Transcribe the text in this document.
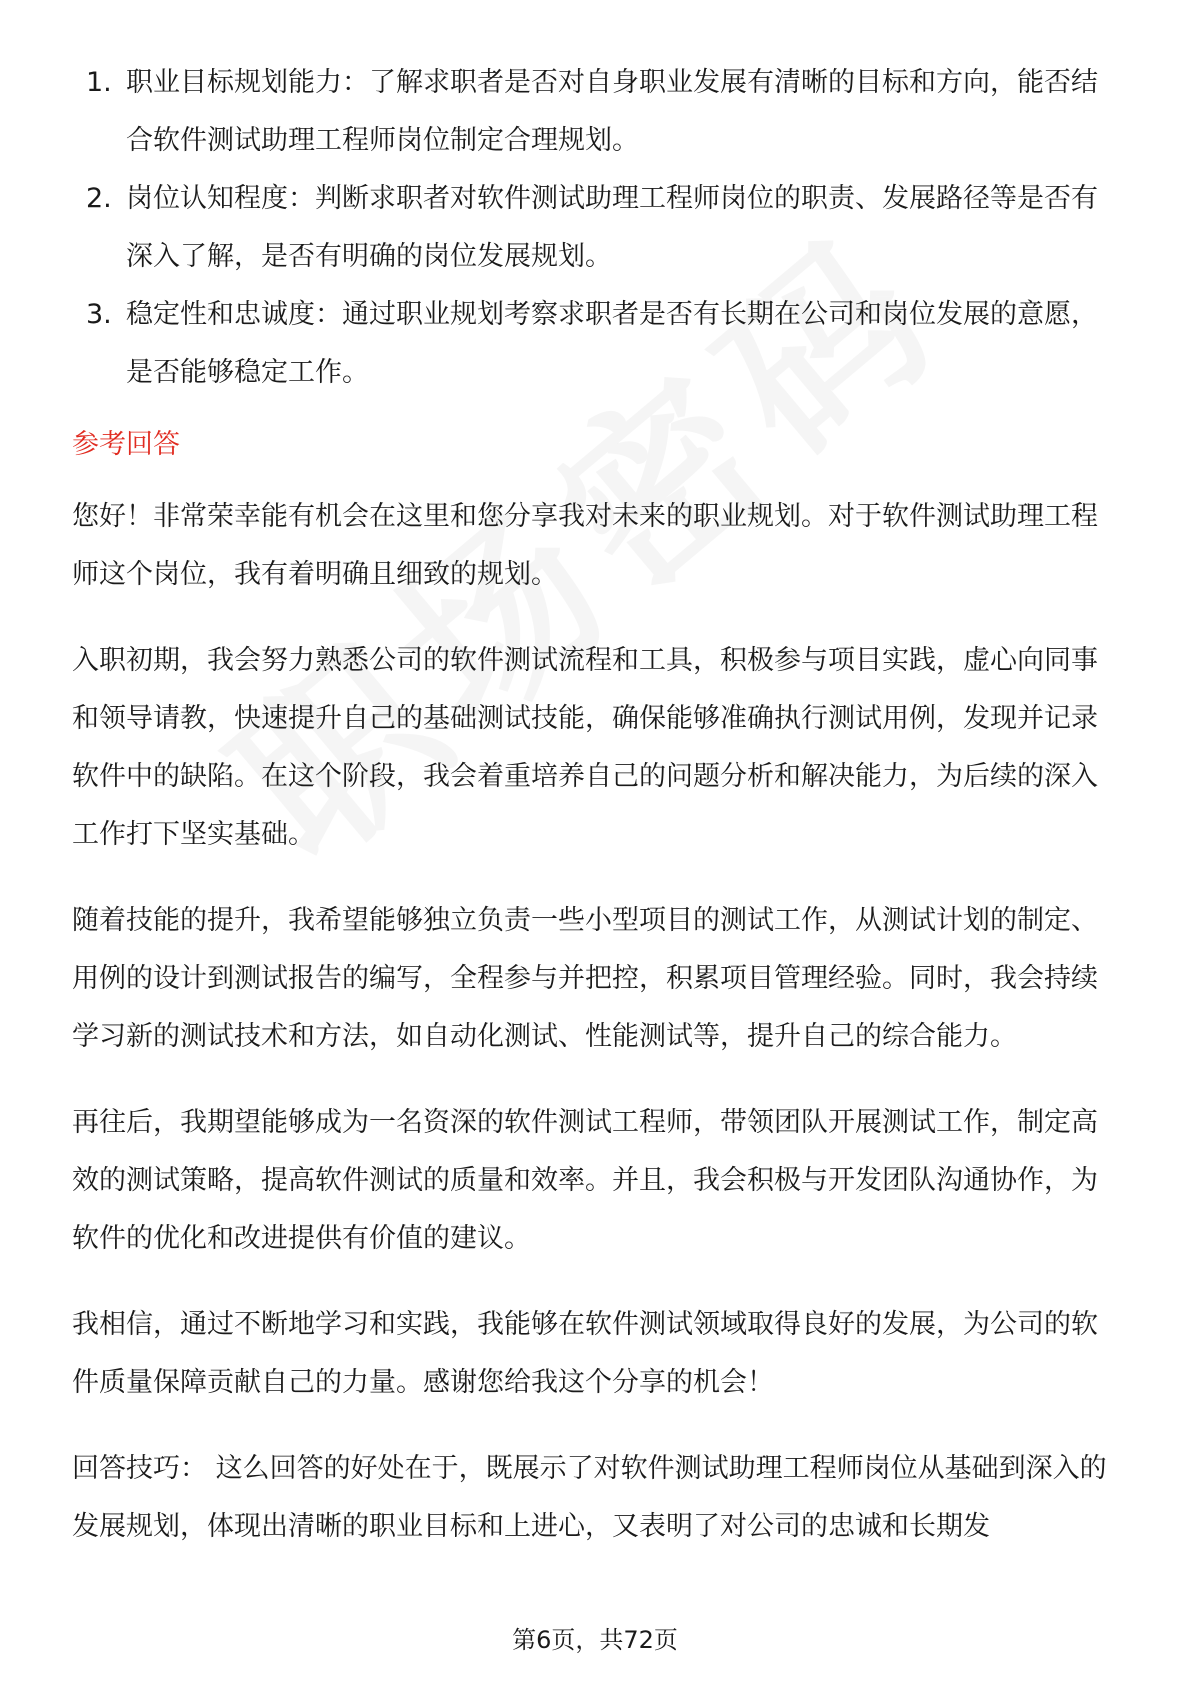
1. 职业目标规划能力：了解求职者是否对自身职业发展有清晰的目标和方向，能否结合软件测试助理工程师岗位制定合理规划。
2. 岗位认知程度：判断求职者对软件测试助理工程师岗位的职责、发展路径等是否有深入了解，是否有明确的岗位发展规划。
3. 稳定性和忠诚度：通过职业规划考察求职者是否有长期在公司和岗位发展的意愿，是否能够稳定工作。
参考回答

您好！非常荣幸能有机会在这里和您分享我对未来的职业规划。对于软件测试助理工程师这个岗位，我有着明确且细致的规划。

入职初期，我会努力熟悉公司的软件测试流程和工具，积极参与项目实践，虚心向同事和领导请教，快速提升自己的基础测试技能，确保能够准确执行测试用例，发现并记录软件中的缺陷。在这个阶段，我会着重培养自己的问题分析和解决能力，为后续的深入工作打下坚实基础。

随着技能的提升，我希望能够独立负责一些小型项目的测试工作，从测试计划的制定、用例的设计到测试报告的编写，全程参与并把控，积累项目管理经验。同时，我会持续学习新的测试技术和方法，如自动化测试、性能测试等，提升自己的综合能力。

再往后，我期望能够成为一名资深的软件测试工程师，带领团队开展测试工作，制定高效的测试策略，提高软件测试的质量和效率。并且，我会积极与开发团队沟通协作，为软件的优化和改进提供有价值的建议。

我相信，通过不断地学习和实践，我能够在软件测试领域取得良好的发展，为公司的软件质量保障贡献自己的力量。感谢您给我这个分享的机会！

回答技巧： 这么回答的好处在于，既展示了对软件测试助理工程师岗位从基础到深入的发展规划，体现出清晰的职业目标和上进心，又表明了对公司的忠诚和长期发

第6页，共72页
